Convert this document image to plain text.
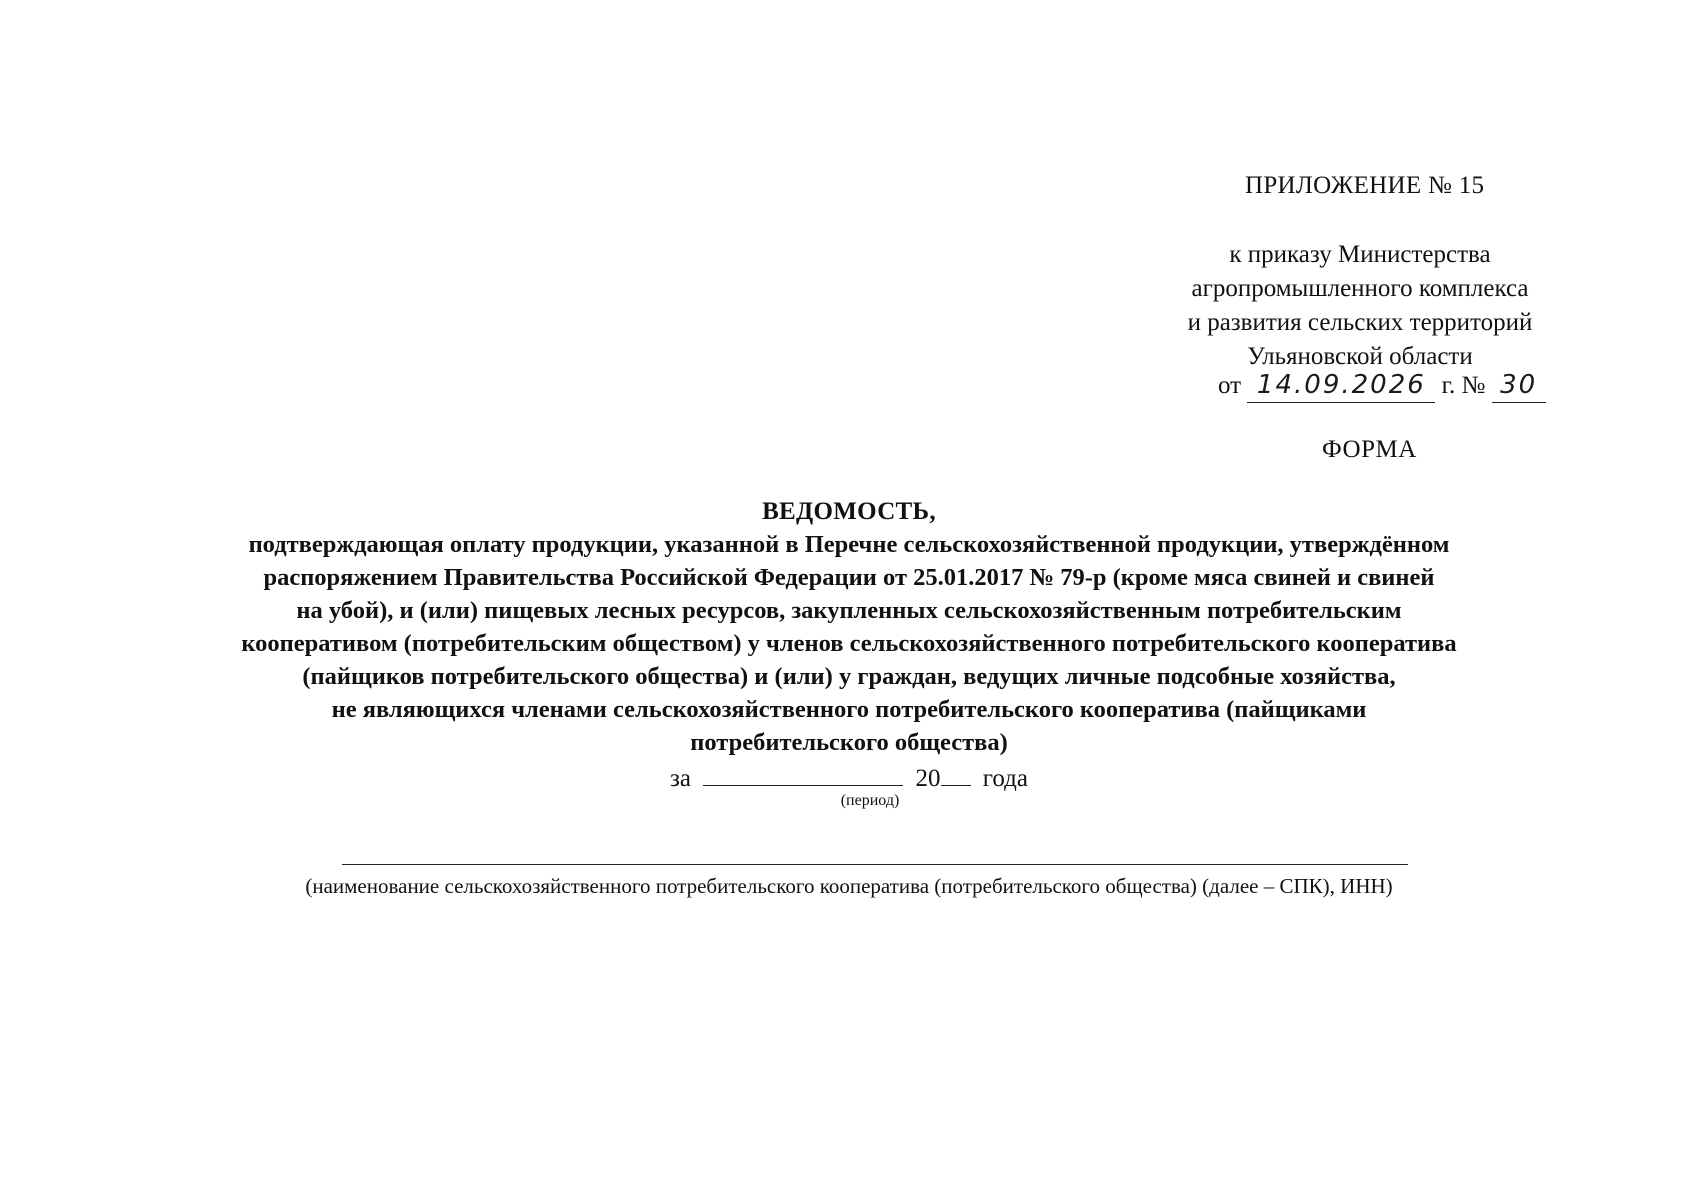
ПРИЛОЖЕНИЕ № 15
к приказу Министерства
агропромышленного комплекса
и развития сельских территорий
Ульяновской области
от 14.09.2026 г. № 30
ФОРМА
ВЕДОМОСТЬ,
подтверждающая оплату продукции, указанной в Перечне сельскохозяйственной продукции, утверждённом
распоряжением Правительства Российской Федерации от 25.01.2017 № 79-р (кроме мяса свиней и свиней
на убой), и (или) пищевых лесных ресурсов, закупленных сельскохозяйственным потребительским
кооперативом (потребительским обществом) у членов сельскохозяйственного потребительского кооператива
(пайщиков потребительского общества) и (или) у граждан, ведущих личные подсобные хозяйства,
не являющихся членами сельскохозяйственного потребительского кооператива (пайщиками
потребительского общества)
за	20 года
(период)
(наименование сельскохозяйственного потребительского кооператива (потребительского общества) (далее – СПК), ИНН)
